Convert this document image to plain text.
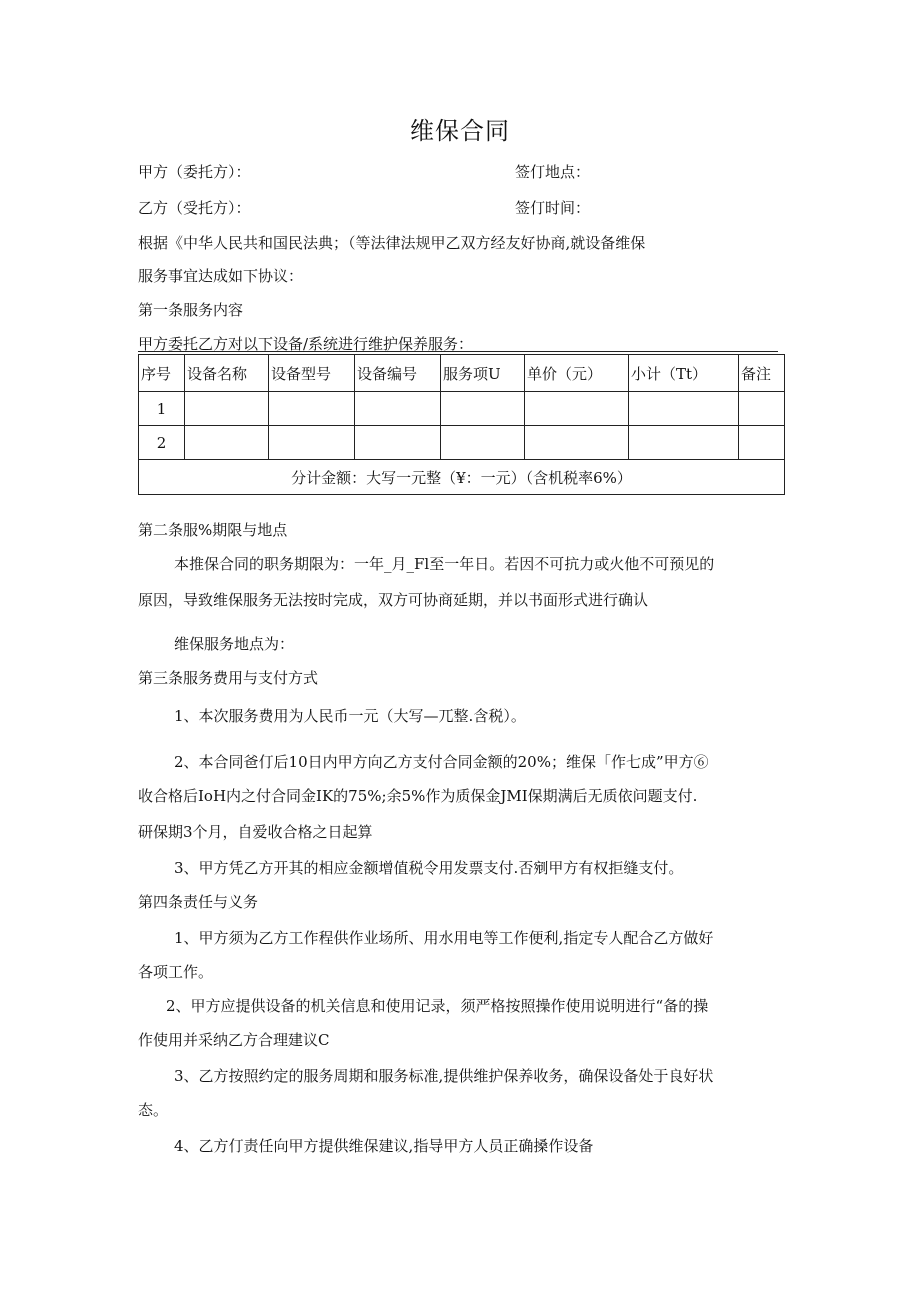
维保合同
甲方（委托方）：	签仃地点：
乙方（受托方）：	签仃时间：
根据《中华人民共和国民法典；（等法律法规甲乙双方经友好协商,就设备维保
服务事宜达成如下协议：
第一条服务内容
甲方委托乙方对以下设备/系统进行维护保养服务：
序号	设备名称	设备型号	设备编号	服务项U	单价（元）	小计（Tt）	备注
1							
2							
分计金额：大写一元整（¥：一元）（含机税率6%）							
第二条服%期限与地点
本推保合同的职务期限为：一年_月_Fl至一年日。若因不可抗力或火他不可预见的
原因，导致维保服务无法按时完成，双方可协商延期，并以书面形式进行确认
维保服务地点为：
第三条服务费用与支付方式
1、本次服务费用为人民币一元（大写—兀整.含税）。
2、本合同爸仃后10日内甲方向乙方支付合同金额的20%；维保「作七成”甲方⑥
收合格后IoH内之付合同金IK的75%;余5%作为质保金JMI保期满后无质依问题支付.
研保期3个月，自爱收合格之日起算
3、甲方凭乙方开其的相应金额增值税令用发票支付.否剜甲方有权拒缝支付。
第四条责任与义务
1、甲方须为乙方工作程供作业场所、用水用电等工作便利,指定专人配合乙方做好
各项工作。
2、甲方应提供设备的机关信息和使用记录，须严格按照操作使用说明进行“备的操
作使用并采纳乙方合理建议C
3、乙方按照约定的服务周期和服务标准,提供维护保养收务，确保设备处于良好状
态。
4、乙方仃责任向甲方提供维保建议,指导甲方人员正确搡作设备
